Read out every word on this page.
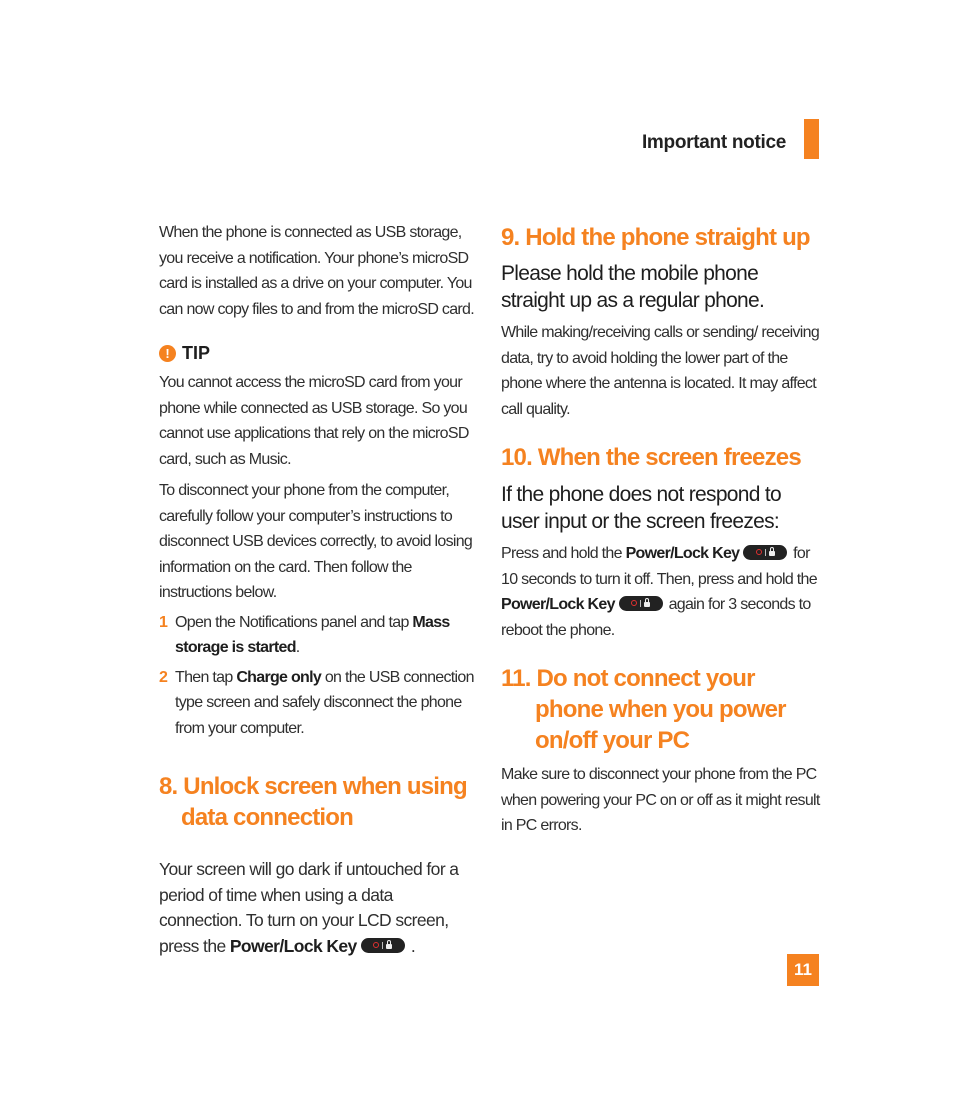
Important notice

When the phone is connected as USB storage, you receive a notification. Your phone’s microSD card is installed as a drive on your computer. You can now copy files to and from the microSD card.

! TIP

You cannot access the microSD card from your phone while connected as USB storage. So you cannot use applications that rely on the microSD card, such as Music.

To disconnect your phone from the computer, carefully follow your computer’s instructions to disconnect USB devices correctly, to avoid losing information on the card. Then follow the instructions below.

1 Open the Notifications panel and tap Mass storage is started.

2 Then tap Charge only on the USB connection type screen and safely disconnect the phone from your computer.

8. Unlock screen when using data connection

Your screen will go dark if untouched for a period of time when using a data connection. To turn on your LCD screen, press the Power/Lock Key	.

9. Hold the phone straight up

Please hold the mobile phone straight up as a regular phone.

While making/receiving calls or sending/ receiving data, try to avoid holding the lower part of the phone where the antenna is located. It may affect call quality.

10. When the screen freezes

If the phone does not respond to user input or the screen freezes:

Press and hold the Power/Lock Key	for 10 seconds to turn it off. Then, press and hold the Power/Lock Key	again for 3 seconds to reboot the phone.

11. Do not connect your phone when you power on/off your PC

Make sure to disconnect your phone from the PC when powering your PC on or off as it might result in PC errors.

11
